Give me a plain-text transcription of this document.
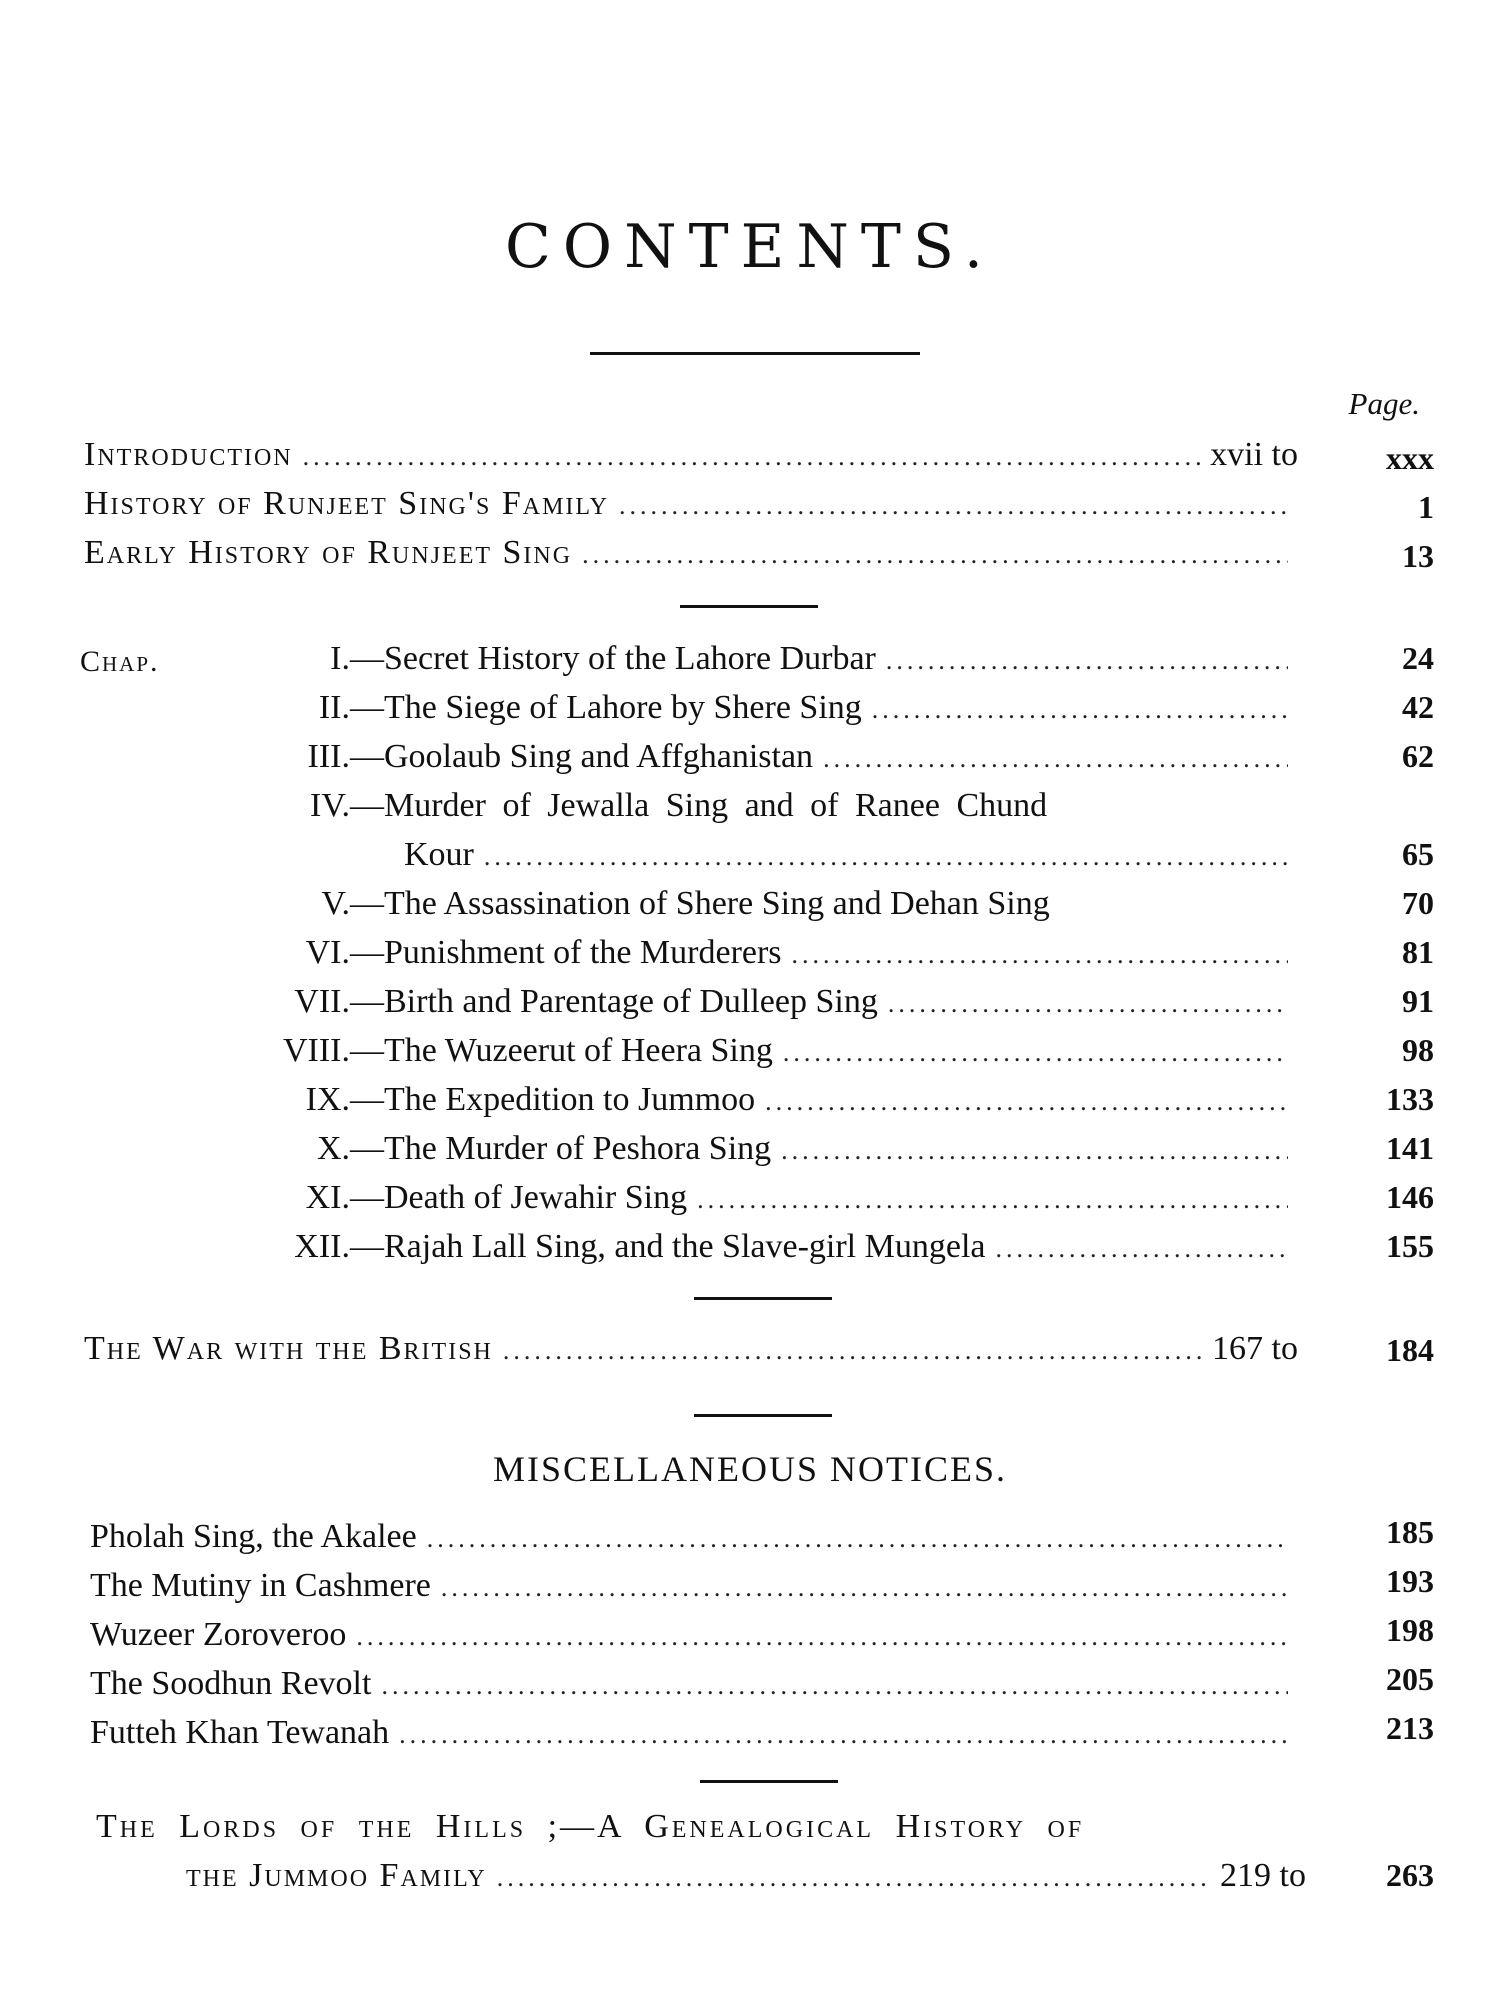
CONTENTS.
Page.
Introduction .....	xvii to	xxx
History of Runjeet Sing's Family .....	1
Early History of Runjeet Sing .....	13
Chap.	I.—Secret History of the Lahore Durbar .....	24
II.—The Siege of Lahore by Shere Sing .....	42
III.—Goolaub Sing and Affghanistan .....	62
IV.—Murder of Jewalla Sing and of Ranee Chund
Kour .....	65
V.—The Assassination of Shere Sing and Dehan Sing	70
VI.—Punishment of the Murderers .....	81
VII.—Birth and Parentage of Dulleep Sing .....	91
VIII.—The Wuzeerut of Heera Sing .....	98
IX.—The Expedition to Jummoo .....	133
X.—The Murder of Peshora Sing .....	141
XI.—Death of Jewahir Sing .....	146
XII.—Rajah Lall Sing, and the Slave-girl Mungela .....	155
The War with the British .....	167 to	184
MISCELLANEOUS NOTICES.
Pholah Sing, the Akalee .....	185
The Mutiny in Cashmere .....	193
Wuzeer Zoroveroo .....	198
The Soodhun Revolt .....	205
Futteh Khan Tewanah .....	213
The Lords of the Hills ;—A Genealogical History of
the Jummoo Family .....	219 to	263
